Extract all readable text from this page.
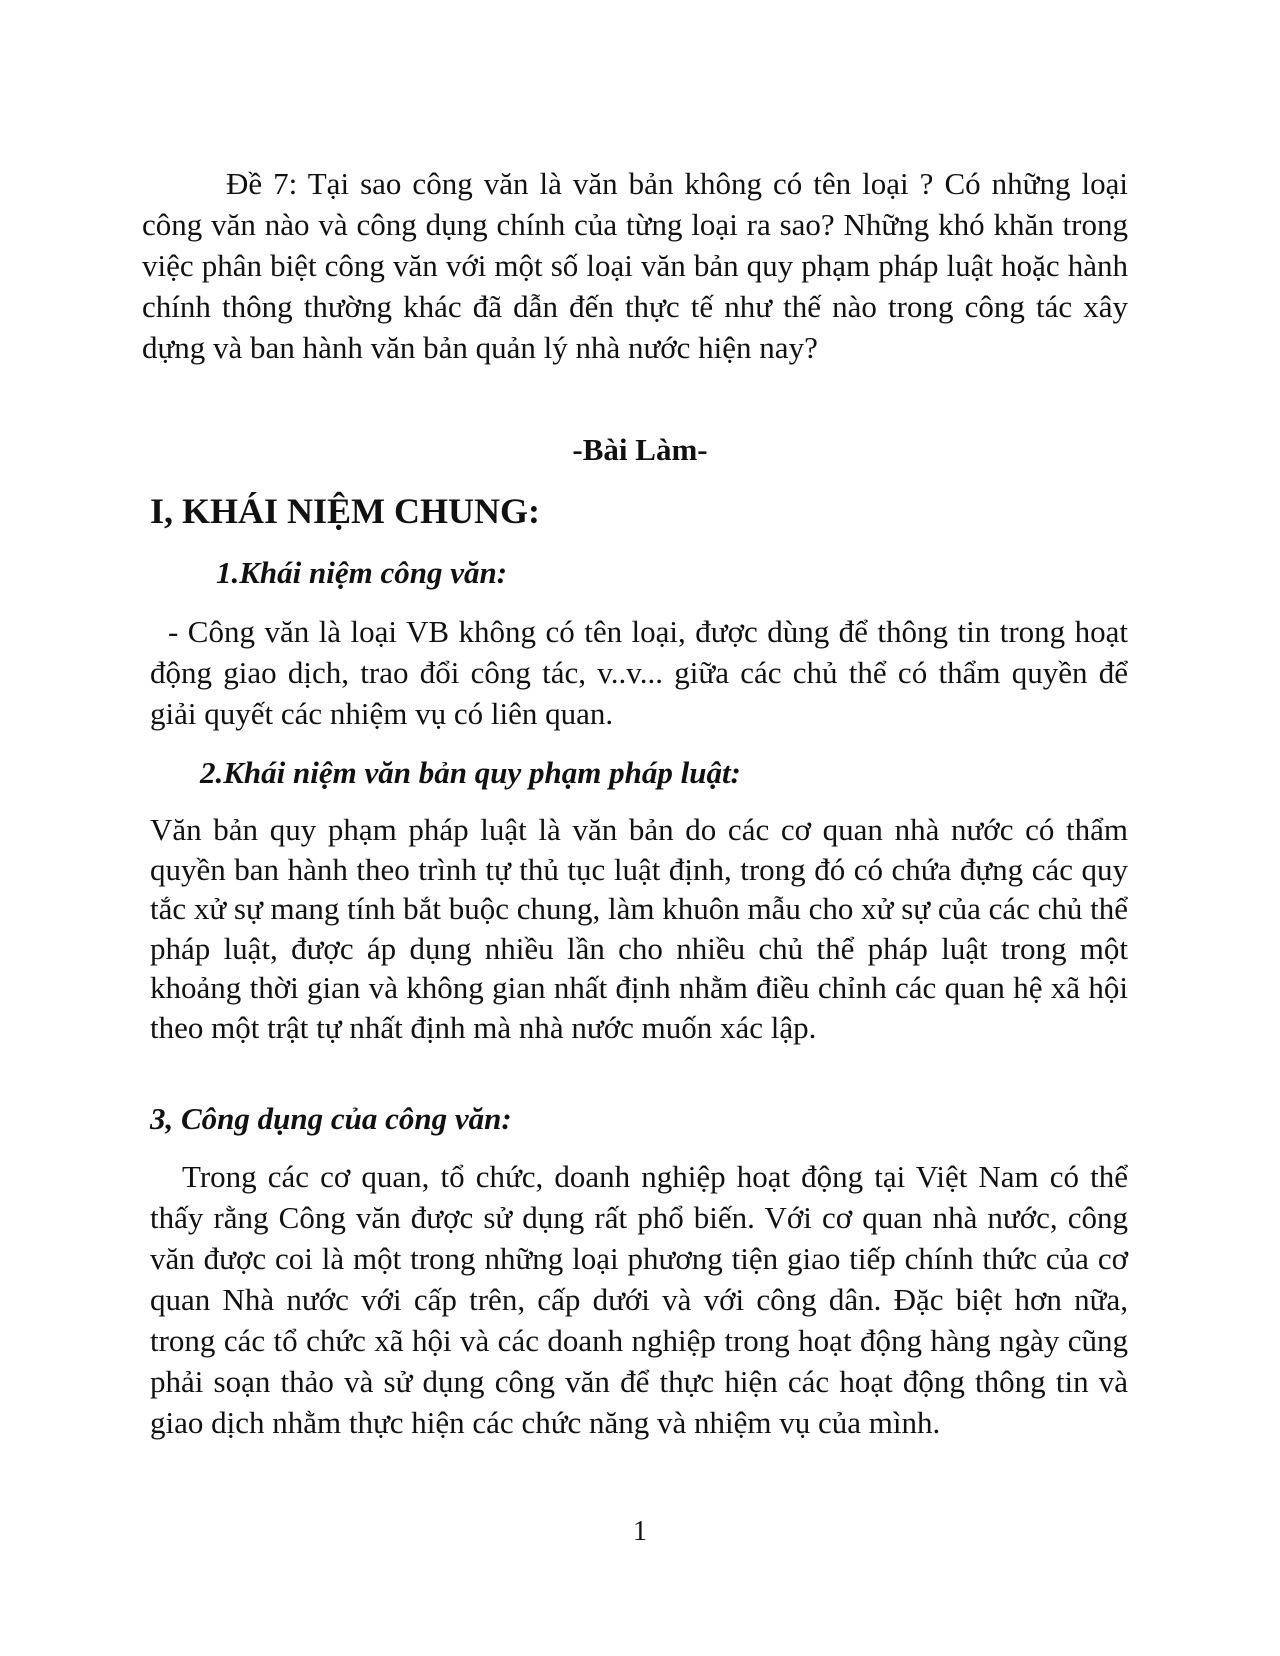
Đề 7: Tại sao công văn là văn bản không có tên loại ? Có những loại công văn nào và công dụng chính của từng loại ra sao? Những khó khăn trong việc phân biệt công văn với một số loại văn bản quy phạm pháp luật hoặc hành chính thông thường khác đã dẫn đến thực tế như thế nào trong công tác xây dựng và ban hành văn bản quản lý nhà nước hiện nay?

-Bài Làm-

I, KHÁI NIỆM CHUNG:
1.Khái niệm công văn:

- Công văn là loại VB không có tên loại, được dùng để thông tin trong hoạt động giao dịch, trao đổi công tác, v..v... giữa các chủ thể có thẩm quyền để giải quyết các nhiệm vụ có liên quan.

2.Khái niệm văn bản quy phạm pháp luật:

Văn bản quy phạm pháp luật là văn bản do các cơ quan nhà nước có thẩm quyền ban hành theo trình tự thủ tục luật định, trong đó có chứa đựng các quy tắc xử sự mang tính bắt buộc chung, làm khuôn mẫu cho xử sự của các chủ thể pháp luật, được áp dụng nhiều lần cho nhiều chủ thể pháp luật trong một khoảng thời gian và không gian nhất định nhằm điều chỉnh các quan hệ xã hội theo một trật tự nhất định mà nhà nước muốn xác lập.

3, Công dụng của công văn:

Trong các cơ quan, tổ chức, doanh nghiệp hoạt động tại Việt Nam có thể thấy rằng Công văn được sử dụng rất phổ biến. Với cơ quan nhà nước, công văn được coi là một trong những loại phương tiện giao tiếp chính thức của cơ quan Nhà nước với cấp trên, cấp dưới và với công dân. Đặc biệt hơn nữa, trong các tổ chức xã hội và các doanh nghiệp trong hoạt động hàng ngày cũng phải soạn thảo và sử dụng công văn để thực hiện các hoạt động thông tin và giao dịch nhằm thực hiện các chức năng và nhiệm vụ của mình.

1
